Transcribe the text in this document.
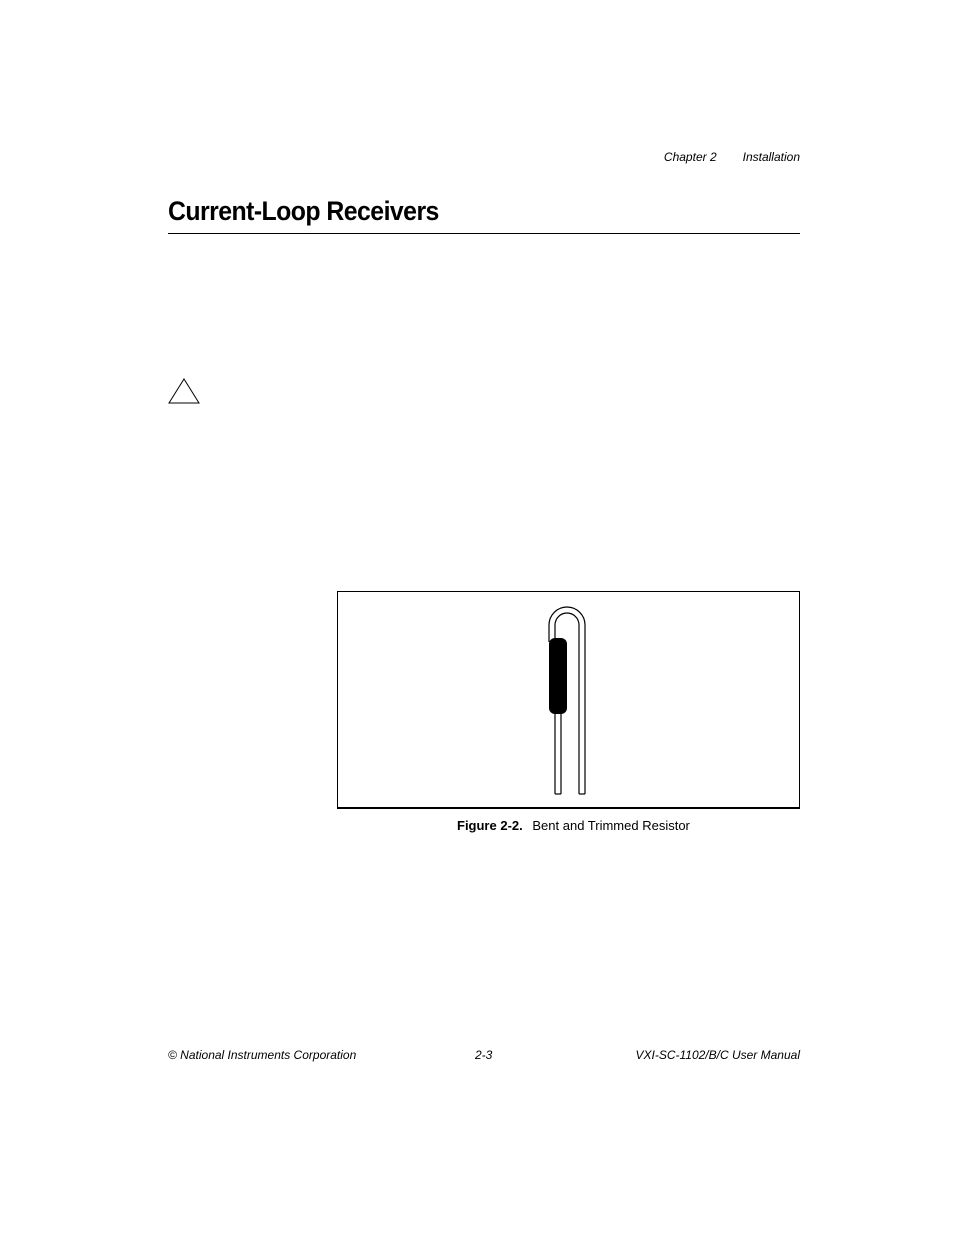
Chapter 2 Installation
Current-Loop Receivers
Figure 2-2. Bent and Trimmed Resistor
© National Instruments Corporation	2-3	VXI-SC-1102/B/C User Manual
